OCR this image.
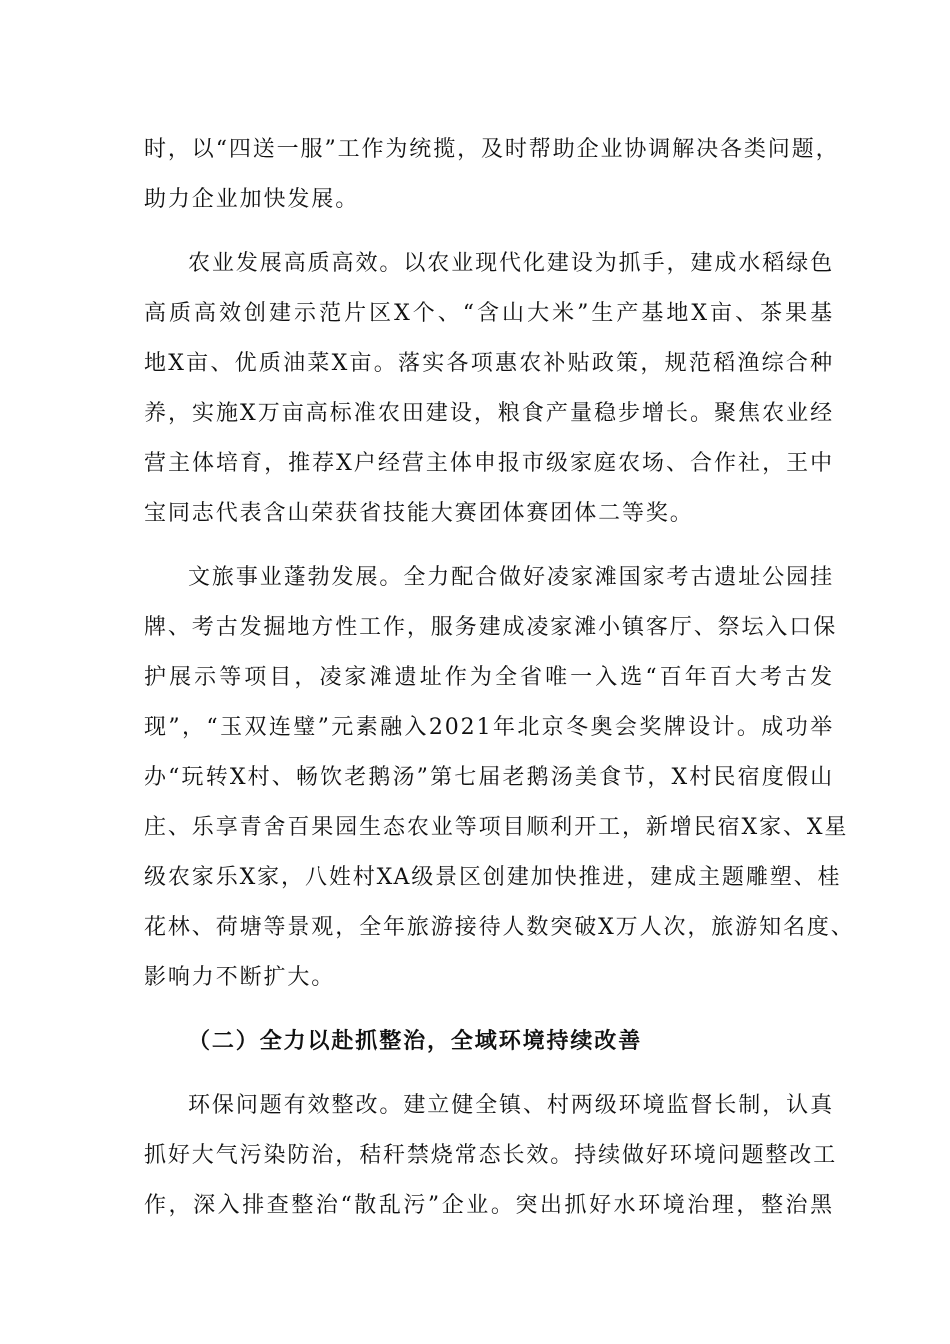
时，以“四送一服”工作为统揽，及时帮助企业协调解决各类问题，
助力企业加快发展。
农业发展高质高效。以农业现代化建设为抓手，建成水稻绿色
高质高效创建示范片区X个、“含山大米”生产基地X亩、茶果基
地X亩、优质油菜X亩。落实各项惠农补贴政策，规范稻渔综合种
养，实施X万亩高标准农田建设，粮食产量稳步增长。聚焦农业经
营主体培育，推荐X户经营主体申报市级家庭农场、合作社，王中
宝同志代表含山荣获省技能大赛团体赛团体二等奖。
文旅事业蓬勃发展。全力配合做好凌家滩国家考古遗址公园挂
牌、考古发掘地方性工作，服务建成凌家滩小镇客厅、祭坛入口保
护展示等项目，凌家滩遗址作为全省唯一入选“百年百大考古发
现”，“玉双连璧”元素融入2021年北京冬奥会奖牌设计。成功举
办“玩转X村、畅饮老鹅汤”第七届老鹅汤美食节，X村民宿度假山
庄、乐享青舍百果园生态农业等项目顺利开工，新增民宿X家、X星
级农家乐X家，八姓村XA级景区创建加快推进，建成主题雕塑、桂
花林、荷塘等景观，全年旅游接待人数突破X万人次，旅游知名度、
影响力不断扩大。
（二）全力以赴抓整治，全域环境持续改善
环保问题有效整改。建立健全镇、村两级环境监督长制，认真
抓好大气污染防治，秸秆禁烧常态长效。持续做好环境问题整改工
作，深入排查整治“散乱污”企业。突出抓好水环境治理，整治黑
